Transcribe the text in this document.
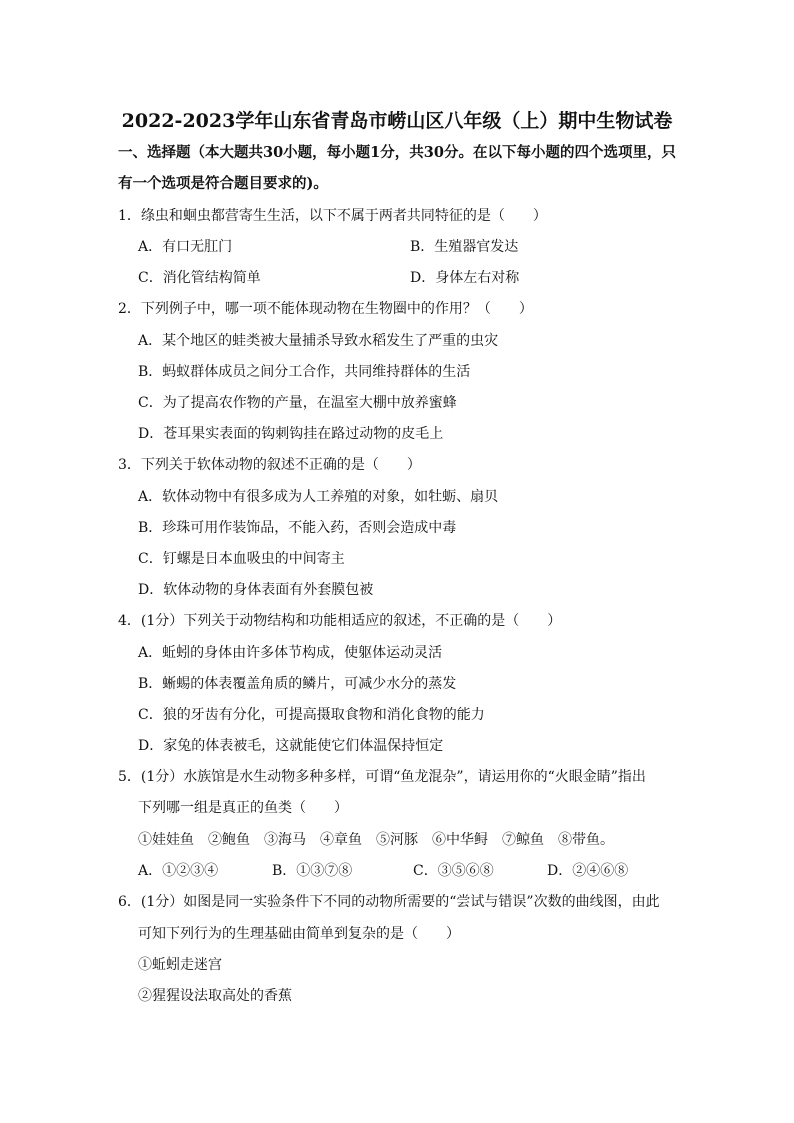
2022-2023学年山东省青岛市崂山区八年级（上）期中生物试卷
一、选择题（本大题共30小题，每小题1分，共30分。在以下每小题的四个选项里，只
有一个选项是符合题目要求的)。
1．绦虫和蛔虫都营寄生生活，以下不属于两者共同特征的是（　　）
A．有口无肛门	B．生殖器官发达
C．消化管结构简单	D．身体左右对称
2．下列例子中，哪一项不能体现动物在生物圈中的作用？（　　）
A．某个地区的蛙类被大量捕杀导致水稻发生了严重的虫灾
B．蚂蚁群体成员之间分工合作，共同维持群体的生活
C．为了提高农作物的产量，在温室大棚中放养蜜蜂
D．苍耳果实表面的钩刺钩挂在路过动物的皮毛上
3．下列关于软体动物的叙述不正确的是（　　）
A．软体动物中有很多成为人工养殖的对象，如牡蛎、扇贝
B．珍珠可用作装饰品，不能入药，否则会造成中毒
C．钉螺是日本血吸虫的中间寄主
D．软体动物的身体表面有外套膜包被
4．(1分）下列关于动物结构和功能相适应的叙述，不正确的是（　　）
A．蚯蚓的身体由许多体节构成，使躯体运动灵活
B．蜥蜴的体表覆盖角质的鳞片，可减少水分的蒸发
C．狼的牙齿有分化，可提高摄取食物和消化食物的能力
D．家兔的体表被毛，这就能使它们体温保持恒定
5．(1分）水族馆是水生动物多种多样，可谓“鱼龙混杂”，请运用你的“火眼金睛”指出
下列哪一组是真正的鱼类（　　）
①娃娃鱼　②鲍鱼　③海马　④章鱼　⑤河豚　⑥中华鲟　⑦鲸鱼　⑧带鱼。
A．①②③④	B．①③⑦⑧	C．③⑤⑥⑧	D．②④⑥⑧
6．(1分）如图是同一实验条件下不同的动物所需要的“尝试与错误”次数的曲线图，由此
可知下列行为的生理基础由简单到复杂的是（　　）
①蚯蚓走迷宫
②猩猩设法取高处的香蕉
